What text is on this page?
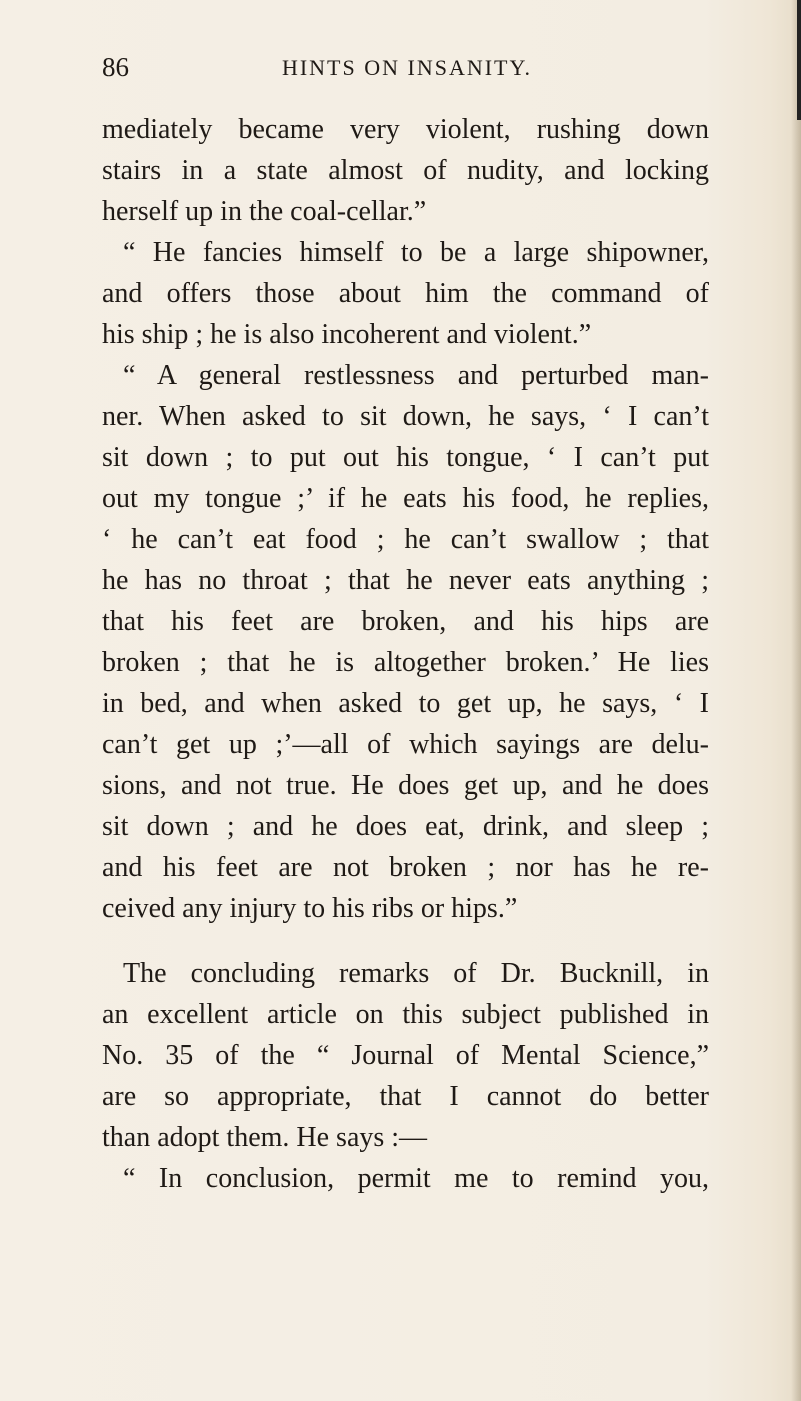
86	HINTS ON INSANITY.
mediately became very violent, rushing down
stairs in a state almost of nudity, and locking
herself up in the coal-cellar.”
“ He fancies himself to be a large shipowner,
and offers those about him the command of
his ship ; he is also incoherent and violent.”
“ A general restlessness and perturbed man-
ner. When asked to sit down, he says, ‘ I can’t
sit down ; to put out his tongue, ‘ I can’t put
out my tongue ;’ if he eats his food, he replies,
‘ he can’t eat food ; he can’t swallow ; that
he has no throat ; that he never eats anything ;
that his feet are broken, and his hips are
broken ; that he is altogether broken.’ He lies
in bed, and when asked to get up, he says, ‘ I
can’t get up ;’—all of which sayings are delu-
sions, and not true. He does get up, and he does
sit down ; and he does eat, drink, and sleep ;
and his feet are not broken ; nor has he re-
ceived any injury to his ribs or hips.”
The concluding remarks of Dr. Bucknill, in
an excellent article on this subject published in
No. 35 of the “ Journal of Mental Science,”
are so appropriate, that I cannot do better
than adopt them. He says :—
“ In conclusion, permit me to remind you,
